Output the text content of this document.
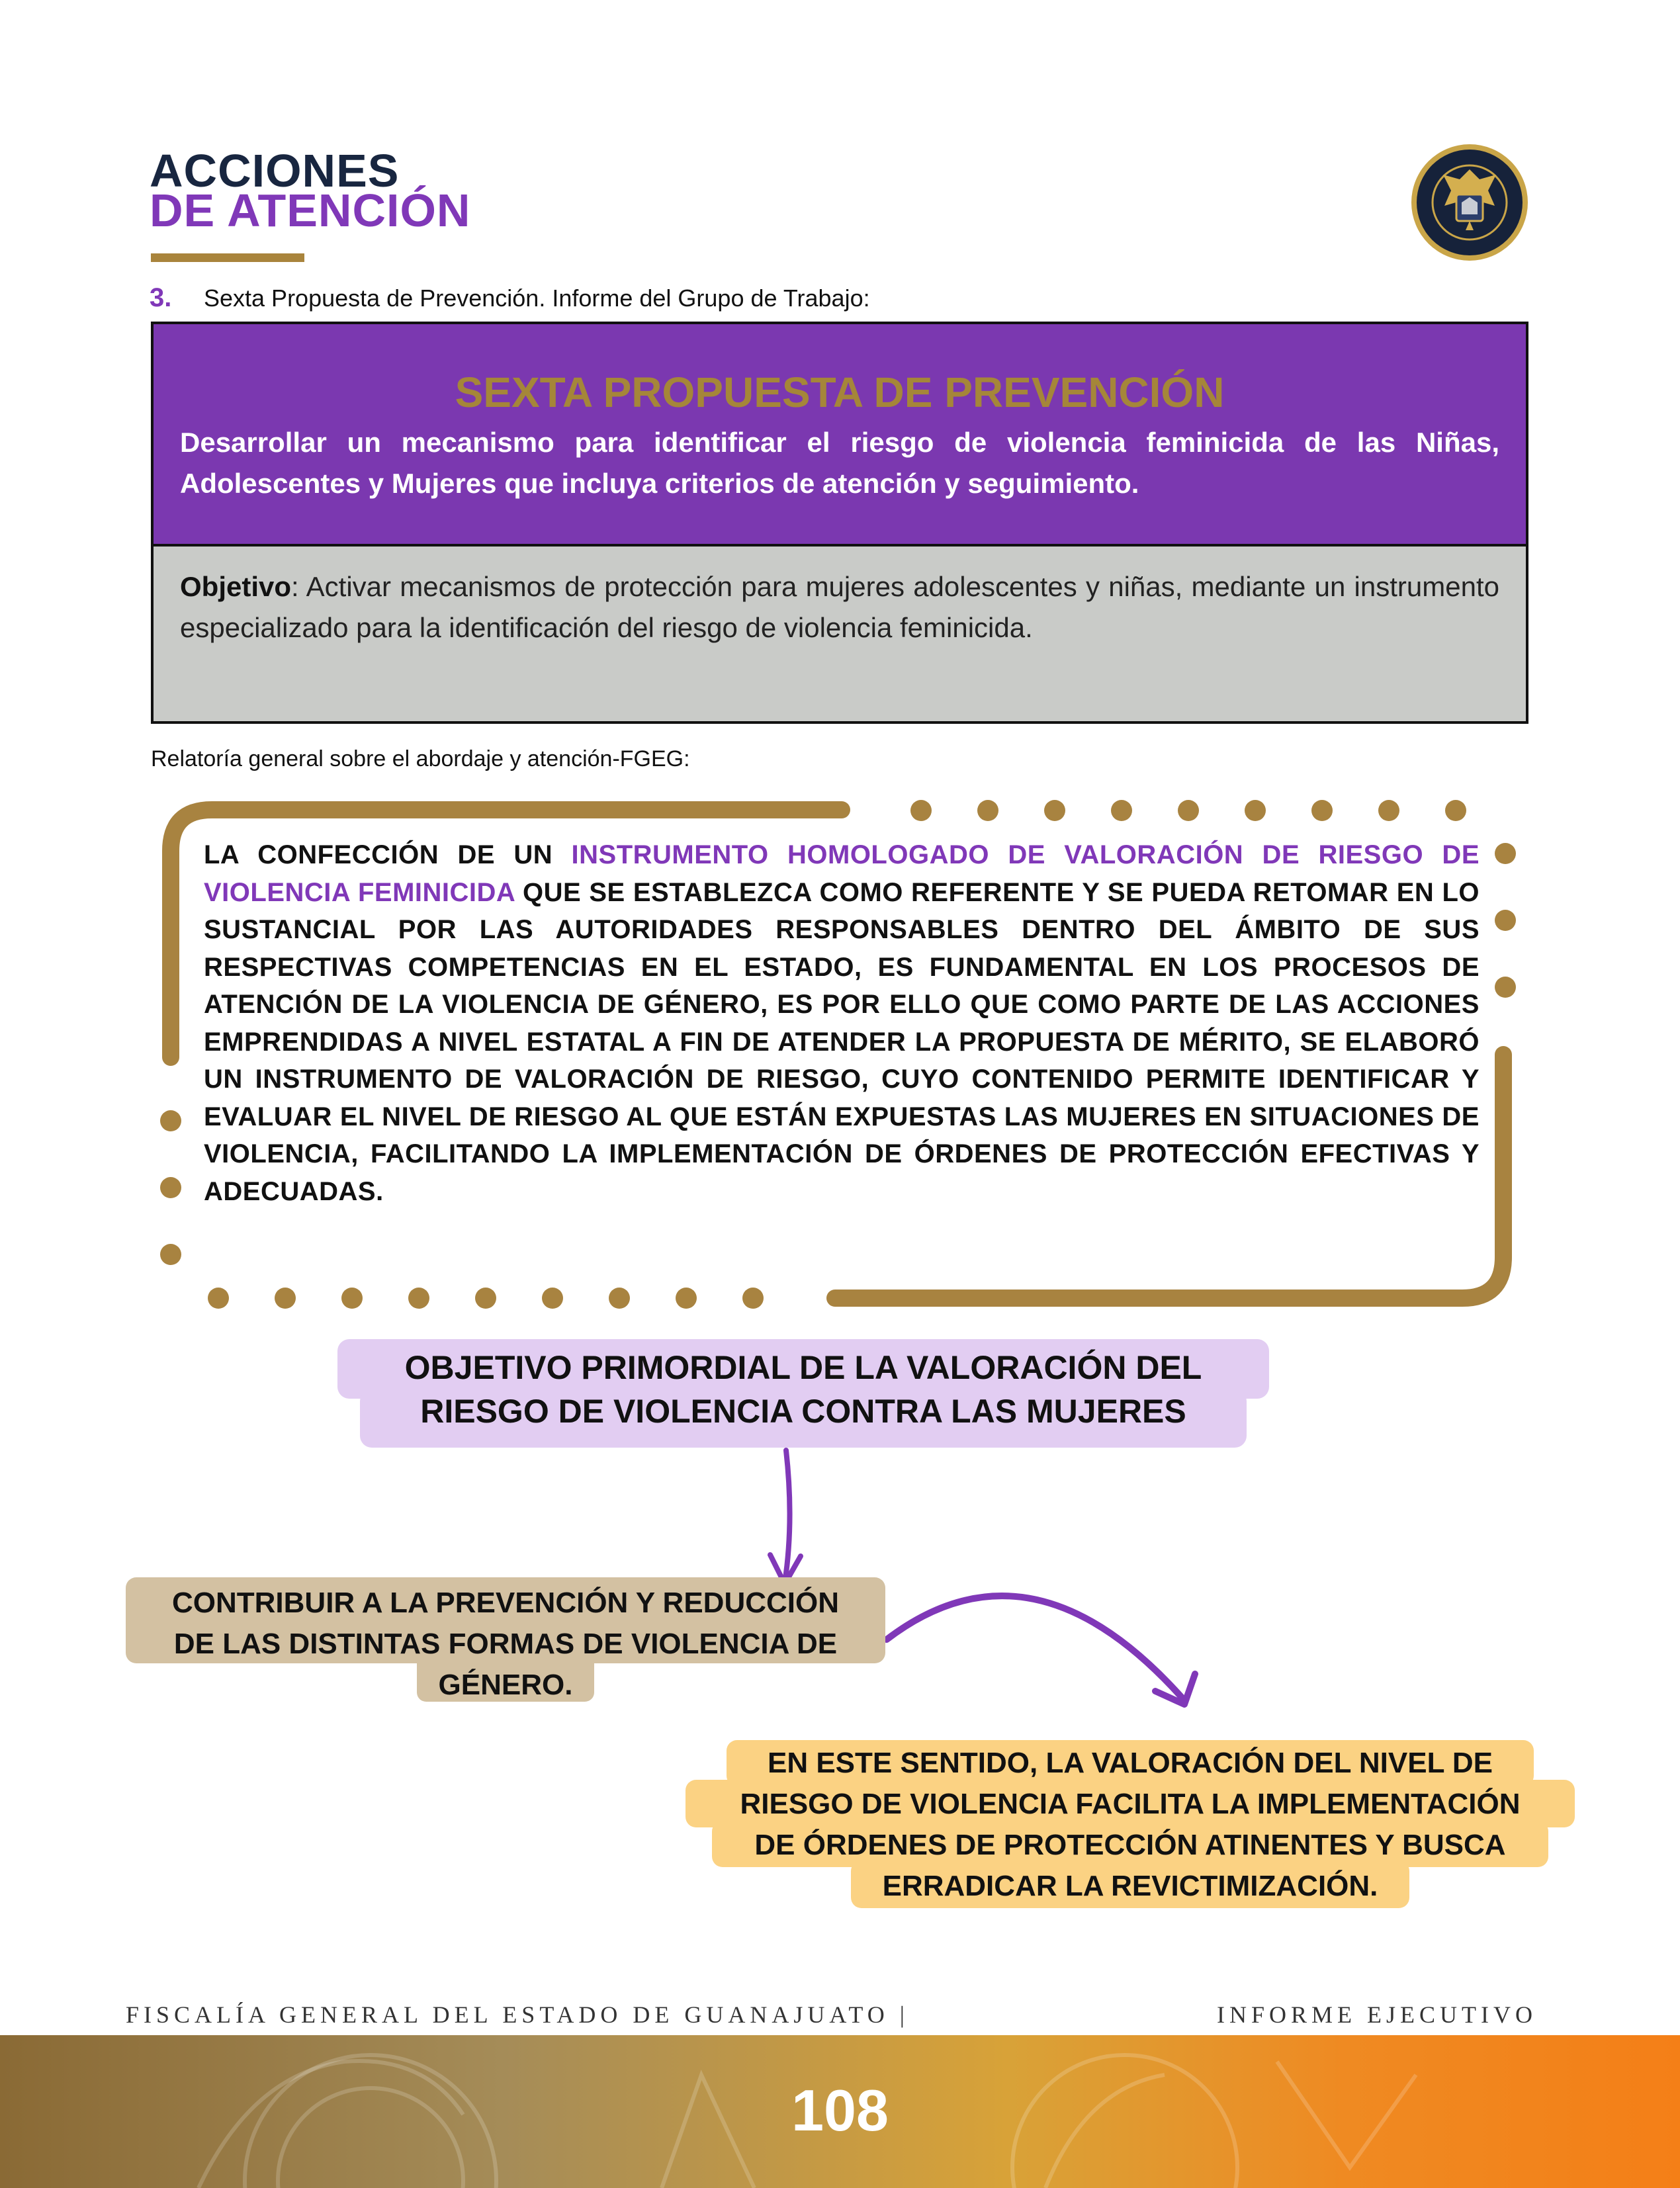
ACCIONES
DE ATENCIÓN
3. Sexta Propuesta de Prevención. Informe del Grupo de Trabajo:
SEXTA PROPUESTA DE PREVENCIÓN
Desarrollar un mecanismo para identificar el riesgo de violencia feminicida de las Niñas, Adolescentes y Mujeres que incluya criterios de atención y seguimiento.
Objetivo: Activar mecanismos de protección para mujeres adolescentes y niñas, mediante un instrumento especializado para la identificación del riesgo de violencia feminicida.
Relatoría general sobre el abordaje y atención-FGEG:
LA CONFECCIÓN DE UN INSTRUMENTO HOMOLOGADO DE VALORACIÓN DE RIESGO DE VIOLENCIA FEMINICIDA QUE SE ESTABLEZCA COMO REFERENTE Y SE PUEDA RETOMAR EN LO SUSTANCIAL POR LAS AUTORIDADES RESPONSABLES DENTRO DEL ÁMBITO DE SUS RESPECTIVAS COMPETENCIAS EN EL ESTADO, ES FUNDAMENTAL EN LOS PROCESOS DE ATENCIÓN DE LA VIOLENCIA DE GÉNERO, ES POR ELLO QUE COMO PARTE DE LAS ACCIONES EMPRENDIDAS A NIVEL ESTATAL A FIN DE ATENDER LA PROPUESTA DE MÉRITO, SE ELABORÓ UN INSTRUMENTO DE VALORACIÓN DE RIESGO, CUYO CONTENIDO PERMITE IDENTIFICAR Y EVALUAR EL NIVEL DE RIESGO AL QUE ESTÁN EXPUESTAS LAS MUJERES EN SITUACIONES DE VIOLENCIA, FACILITANDO LA IMPLEMENTACIÓN DE ÓRDENES DE PROTECCIÓN EFECTIVAS Y ADECUADAS.
OBJETIVO PRIMORDIAL DE LA VALORACIÓN DEL
RIESGO DE VIOLENCIA CONTRA LAS MUJERES
CONTRIBUIR A LA PREVENCIÓN Y REDUCCIÓN
DE LAS DISTINTAS FORMAS DE VIOLENCIA DE
GÉNERO.
EN ESTE SENTIDO, LA VALORACIÓN DEL NIVEL DE
RIESGO DE VIOLENCIA FACILITA LA IMPLEMENTACIÓN
DE ÓRDENES DE PROTECCIÓN ATINENTES Y BUSCA
ERRADICAR LA REVICTIMIZACIÓN.
FISCALÍA GENERAL DEL ESTADO DE GUANAJUATO |	INFORME EJECUTIVO
108
